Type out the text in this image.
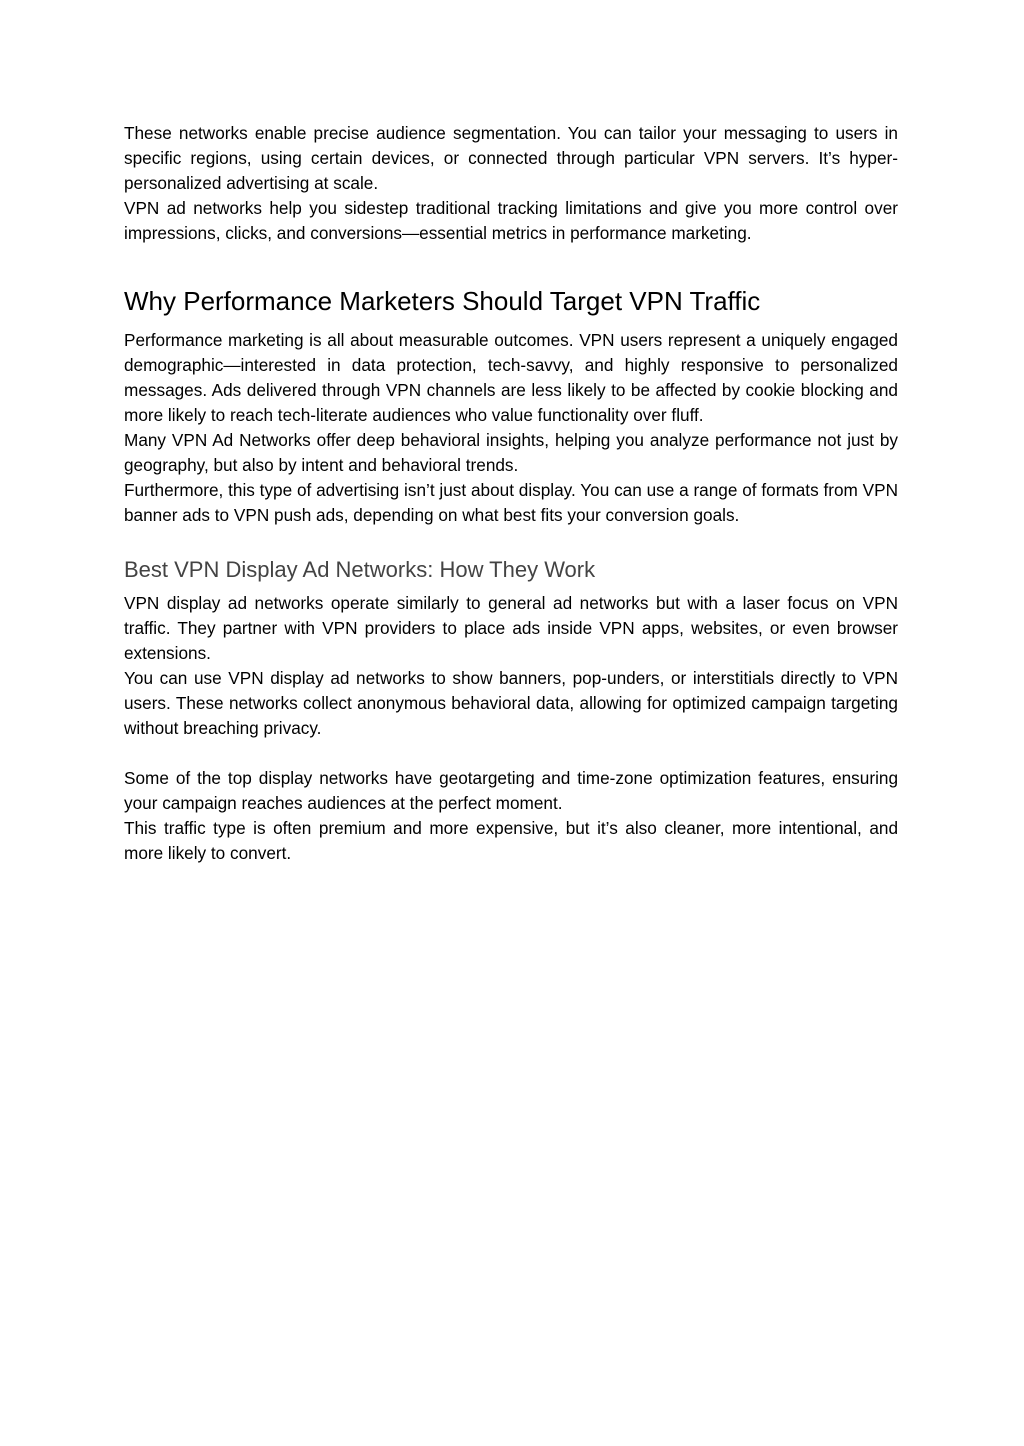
These networks enable precise audience segmentation. You can tailor your messaging to users in specific regions, using certain devices, or connected through particular VPN servers. It’s hyper-personalized advertising at scale.

VPN ad networks help you sidestep traditional tracking limitations and give you more control over impressions, clicks, and conversions—essential metrics in performance marketing.

Why Performance Marketers Should Target VPN Traffic

Performance marketing is all about measurable outcomes. VPN users represent a uniquely engaged demographic—interested in data protection, tech-savvy, and highly responsive to personalized messages. Ads delivered through VPN channels are less likely to be affected by cookie blocking and more likely to reach tech-literate audiences who value functionality over fluff.

Many VPN Ad Networks offer deep behavioral insights, helping you analyze performance not just by geography, but also by intent and behavioral trends.

Furthermore, this type of advertising isn’t just about display. You can use a range of formats from VPN banner ads to VPN push ads, depending on what best fits your conversion goals.

Best VPN Display Ad Networks: How They Work

VPN display ad networks operate similarly to general ad networks but with a laser focus on VPN traffic. They partner with VPN providers to place ads inside VPN apps, websites, or even browser extensions.

You can use VPN display ad networks to show banners, pop-unders, or interstitials directly to VPN users. These networks collect anonymous behavioral data, allowing for optimized campaign targeting without breaching privacy.

Some of the top display networks have geotargeting and time-zone optimization features, ensuring your campaign reaches audiences at the perfect moment.

This traffic type is often premium and more expensive, but it’s also cleaner, more intentional, and more likely to convert.
